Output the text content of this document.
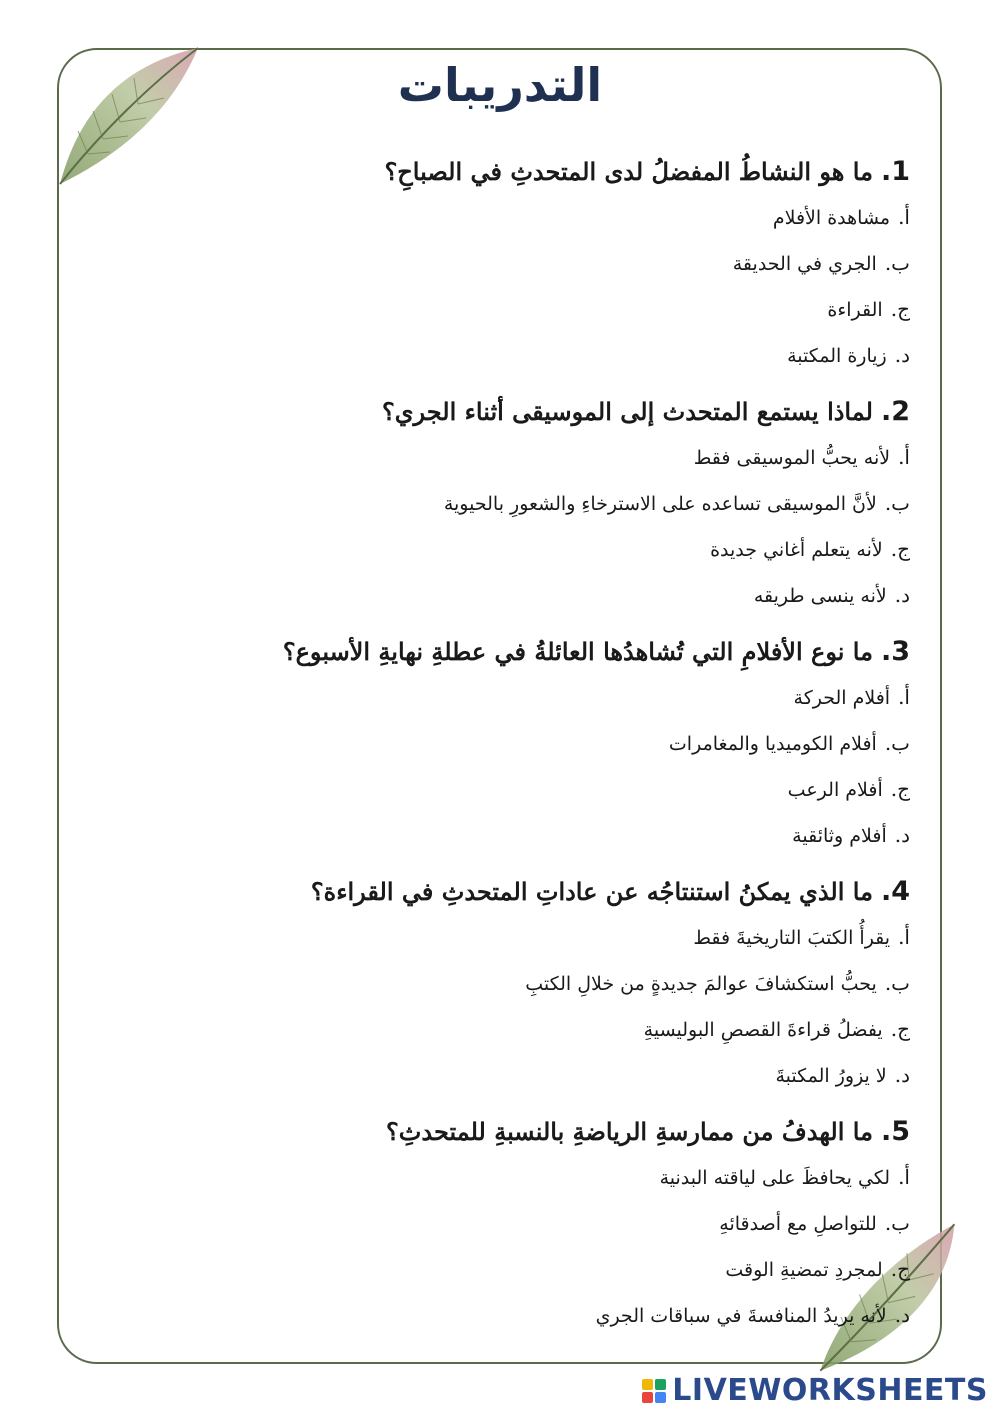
التدريبات
1.
ما هو النشاطُ المفضلُ لدى المتحدثِ في الصباحِ؟
أ.
مشاهدة الأفلام
ب.
الجري في الحديقة
ج.
القراءة
د.
زيارة المكتبة
2.
لماذا يستمع المتحدث إلى الموسيقى أثناء الجري؟
أ.
لأنه يحبُّ الموسيقى فقط
ب.
لأنَّ الموسيقى تساعده على الاسترخاءِ والشعورِ بالحيوية
ج.
لأنه يتعلم أغاني جديدة
د.
لأنه ينسى طريقه
3.
ما نوع الأفلامِ التي تُشاهدُها العائلةُ في عطلةِ نهايةِ الأسبوع؟
أ.
أفلام الحركة
ب.
أفلام الكوميديا والمغامرات
ج.
أفلام الرعب
د.
أفلام وثائقية
4.
ما الذي يمكنُ استنتاجُه عن عاداتِ المتحدثِ في القراءة؟
أ.
يقرأُ الكتبَ التاريخيةَ فقط
ب.
يحبُّ استكشافَ عوالمَ جديدةٍ من خلالِ الكتبِ
ج.
يفضلُ قراءةَ القصصِ البوليسيةِ
د.
لا يزورُ المكتبةَ
5.
ما الهدفُ من ممارسةِ الرياضةِ بالنسبةِ للمتحدثِ؟
أ.
لكي يحافظَ على لياقته البدنية
ب.
للتواصلِ مع أصدقائهِ
ج.
لمجردِ تمضيةِ الوقت
د.
لأنه يريدُ المنافسةَ في سباقات الجري
LIVEWORKSHEETS
